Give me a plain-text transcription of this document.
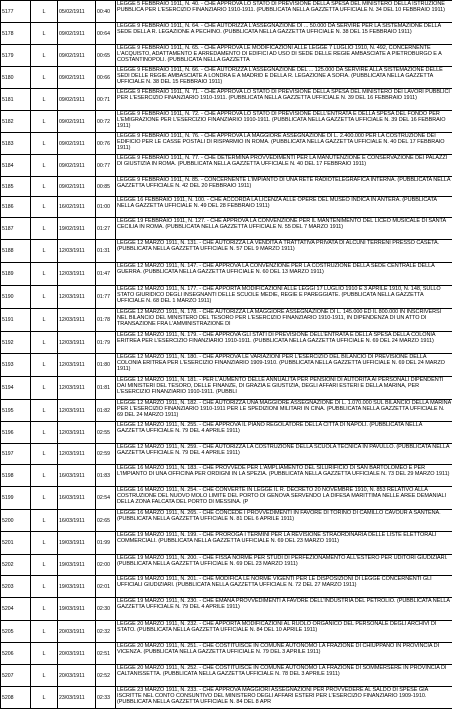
5177	L	05/02/1911	00:40	LEGGE 5 FEBBRAIO 1911, N. 40. - CHE APPROVA LO STATO DI PREVISIONE DELLA SPESA DEL MINISTERO DELLA ISTRUZIONE PUBBLICA PER L'ESERCIZIO FINANZIARIO 1910-1911. (PUBBLICATA NELLA GAZZETTA UFFICIALE N. 34 DEL 10 FEBBRAIO 1911)

5178	L	09/02/1911	00:64	LEGGE 9 FEBBRAIO 1911, N. 64. - CHE AUTORIZZA L'ASSEGNAZIONE DI ... 50.000 DA SERVIRE PER LA SISTEMAZIONE DELLA SEDE DELLA R. LEGAZIONE A PECHINO. (PUBBLICATA NELLA GAZZETTA UFFICIALE N. 38 DEL 15 FEBBRAIO 1911)

5179	L	09/02/1911	00:65	LEGGE 9 FEBBRAIO 1911, N. 65. - CHE APPROVA LE MODIFICAZIONI ALLE LEGGE 7 LUGLIO 1910, N. 492, CONCERNENTE L'ACQUISTO, ADATTAMENTO E ARREDAMENTO DI EDIFICI AD USO DI SEDE DELLE REGIE AMBASCIATE A PIETROBURGO E A COSTANTINOPOLI. (PUBBLICATA NELLA GAZZETTA

5180	L	09/02/1911	00:66	LEGGE 9 FEBBRAIO 1911, N. 66. - CHE AUTORIZZA L'ASSEGNAZIONE DEL ... 125.000 DA SERVIRE ALLA SISTEMAZIONE DELLE SEDI DELLE REGIE AMBASCIATE A LONDRA E A MADRID E DELLA R. LEGAZIONE A SOFIA. (PUBBLICATA NELLA GAZZETTA UFFICIALE N. 38 DEL 15 FEBBRAIO 1911)

5181	L	09/02/1911	00:71	LEGGE 9 FEBBRAIO 1911, N. 71. - CHE APPROVA LO STATO DI PREVISIONE DELLA SPESA DEL MINISTERO DEI LAVORI PUBBLICI PER L'ESERCIZIO FINANZIARIO 1910-1911. (PUBBLICATA NELLA GAZZETTA UFFICIALE N. 39 DEL 16 FEBBRAIO 1911)

5182	L	09/02/1911	00:72	LEGGE 9 FEBBRAIO 1911, N. 72. - CHE APPROVA LO STATO DI PREVISIONE DELL'ENTRATA E DELLA SPESA DEL FONDO PER L'EMIGRAZIONE PER L'ESERCIZIO FINANZIARIO 1910-1911. (PUBBLICATA NELLA GAZZETTA UFFICIALE N. 39 DEL 16 FEBBRAIO 1911)

5183	L	09/02/1911	00:76	LEGGE 9 FEBBRAIO 1911, N. 76. - CHE APPROVA LA MAGGIORE ASSEGNAZIONE DI L. 2.400.000 PER LA COSTRUZIONE DEI EDIFICIO PER LE CASSE POSTALI DI RISPARMIO IN ROMA. (PUBBLICATA NELLA GAZZETTA UFFICIALE N. 40 DEL 17 FEBBRAIO 1911)

5184	L	09/02/1911	00:77	LEGGE 9 FEBBRAIO 1911, N. 77. - CHE DETERMINA PROVVEDIMENTI PER LA MANUTENZIONE E CONSERVAZIONE DEI PALAZZI DI GIUSTIZIA IN ROMA. (PUBBLICATA NELLA GAZZETTA UFFICIALE N. 40 DEL 17 FEBBRAIO 1911)

5185	L	09/02/1911	00:85	LEGGE 9 FEBBRAIO 1911, N. 85. - CONCERNENTE L'IMPIANTO DI UNA RETE RADIOTELEGRAFICA INTERNA. (PUBBLICATA NELLA GAZZETTA UFFICIALE N. 42 DEL 20 FEBBRAIO 1911)

5186	L	16/02/1911	01:00	LEGGE 16 FEBBRAIO 1911, N. 100. - CHE ACCORDA LA LICENZA ALLE OPERE DEL MUSEO INDICA IN ANTERA. (PUBBLICATA NELLA GAZZETTA UFFICIALE N. 49 DEL 28 FEBBRAIO 1911)

5187	L	19/02/1911	01:27	LEGGE 19 FEBBRAIO 1911, N. 127. - CHE APPROVA LA CONVENZIONE PER IL MANTENIMENTO DEL LICEO MUSICALE DI SANTA CECILIA IN ROMA. (PUBBLICATA NELLA GAZZETTA UFFICIALE N. 55 DEL 7 MARZO 1911)

5188	L	12/03/1911	01:31	LEGGE 12 MARZO 1911, N. 131. - CHE AUTORIZZA LA VENDITA A TRATTATIVA PRIVATA DI ALCUNI TERRENI PRESSO CASETA. (PUBBLICATA NELLA GAZZETTA UFFICIALE N. 57 DEL 9 MARZO 1911)

5189	L	12/03/1911	01:47	LEGGE 12 MARZO 1911, N. 147. - CHE APPROVA LA CONVENZIONE PER LA COSTRUZIONE DELLA SEDE CENTRALE DELLA GUERRA. (PUBBLICATA NELLA GAZZETTA UFFICIALE N. 60 DEL 13 MARZO 1911)

5190	L	12/03/1911	01:77	LEGGE 12 MARZO 1911, N. 177. - CHE APPORTA MODIFICAZIONI ALLE LEGGI 17 LUGLIO 1910 E 3 APRILE 1910, N. 148, SULLO STATO GIURIDICO DEGLI INSEGNANTI DELLE SCUOLE MEDIE, REGIE E PAREGGIATE. (PUBBLICATA NELLA GAZZETTA UFFICIALE N. 68 DEL 1 MARZO 1911)

5191	L	12/03/1911	01:78	LEGGE 12 MARZO 1911, N. 178. - CHE AUTORIZZA LA MAGGIORE ASSEGNAZIONE DI L. 145.000 ED IL 800.000 IN INSCRIVERSI NEL BILANCIO DEL MINISTERO DEL TESORO PER L'ESERCIZIO FINANZIARIO 1910-1911, IN DIPENDENZA DI UN ATTO DI TRANSAZIONE FRA L'AMMINISTRAZIONE DI

5192	L	12/03/1911	01:79	LEGGE 12 MARZO 1911, N. 179. - CHE APPROVA GLI STATI DI PREVISIONE DELL'ENTRATA E DELLA SPESA DELLA COLONIA ERITREA PER L'ESERCIZIO FINANZIARIO 1910-1911. (PUBBLICATA NELLA GAZZETTA UFFICIALE N. 69 DEL 24 MARZO 1911)

5193	L	12/03/1911	01:80	LEGGE 12 MARZO 1911, N. 180. - CHE APPROVA LE VARIAZIONI PER L'ESERCIZIO DEL BILANCIO DI PREVISIONE DELLA COLONIA ERITREA PER L'ESERCIZIO FINANZIARIO 1909-1910. (PUBBLICATA NELLA GAZZETTA UFFICIALE N. 69 DEL 24 MARZO 1911)

5194	L	12/03/1911	01:81	LEGGE 12 MARZO 1911, N. 181. - PER L'AUMENTO DELLE ANNUALITA PER PENSIONI DI AUTORITA AI PERSONALI DIPENDENTI DAI MINISTERI DEL TESORO, DELLE FINANZE, DI GRAZIA E GIUSTIZIA, DEGLI AFFARI ESTERI E DELLA MARINA, PER L'ESERCIZIO FINANZIARIO 1910-1911. (PUBBLI

5195	L	12/03/1911	01:82	LEGGE 12 MARZO 1911, N. 182. - CHE AUTORIZZA UNA MAGGIORE ASSEGNAZIONE DI L. 1.070.000 SUL BILANCIO DELLA MARINA PER L'ESERCIZIO FINANZIARIO 1910-1911 PER LE SPEDIZIONI MILITARI IN CINA. (PUBBLICATA NELLA GAZZETTA UFFICIALE N. 69 DEL 24 MARZO 1911)

5196	L	12/03/1911	02:55	LEGGE 12 MARZO 1911, N. 255. - CHE APPROVA IL PIANO REGOLATORE DELLA CITTA DI NAPOLI. (PUBBLICATA NELLA GAZZETTA UFFICIALE N. 79 DEL 4 APRILE 1911)

5197	L	12/03/1911	02:59	LEGGE 12 MARZO 1911, N. 259. - CHE AUTORIZZA LA COSTRUZIONE DELLA SCUOLA TECNICA IN PAVULLO. (PUBBLICATA NELLA GAZZETTA UFFICIALE N. 79 DEL 4 APRILE 1911)

5198	L	16/03/1911	01:83	LEGGE 16 MARZO 1911, N. 183. - CHE PROVVEDE PER L'AMPLIAMENTO DEL SILURIFICIO DI SAN BARTOLOMEO E PER L'IMPIANTO DI UNA OFFICINA PER ORDIGNI IN LA SPEZIA. (PUBBLICATA NELLA GAZZETTA UFFICIALE N. 73 DEL 29 MARZO 1911)

5199	L	16/03/1911	02:54	LEGGE 16 MARZO 1911, N. 254. - CHE CONVERTE IN LEGGE IL R. DECRETO 20 NOVEMBRE 1910, N. 853 RELATIVO ALLA COSTRUZIONE DEL NUOVO MOLO LIMITE DEL PORTO DI GENOVA SERVENDO LA DIFESA MARITTIMA NELLE AREE DEMANIALI DELLA ZONA FALCATA DEL PORTO DI MESSINA. (P

5200	L	16/03/1911	02:65	LEGGE 16 MARZO 1911, N. 265. - CHE CONCEDE I PROVVEDIMENTI IN FAVORE DI TORINO DI CAMILLO CAVOUR A SANTENA. (PUBBLICATA NELLA GAZZETTA UFFICIALE N. 81 DEL 6 APRILE 1911)

5201	L	19/03/1911	01:99	LEGGE 19 MARZO 1911, N. 199. - CHE PROROGA I TERMINI PER LA REVISIONE STRAORDINARIA DELLE LISTE ELETTORALI COMMERCIALI. (PUBBLICATA NELLA GAZZETTA UFFICIALE N. 69 DEL 23 MARZO 1911)

5202	L	19/03/1911	02:00	LEGGE 19 MARZO 1911, N. 200. - CHE FISSA NORME PER STUDI DI PERFEZIONAMENTO ALL'ESTERO PER UDITORI GIUDIZIARI. (PUBBLICATA NELLA GAZZETTA UFFICIALE N. 69 DEL 23 MARZO 1911)

5203	L	19/03/1911	02:01	LEGGE 19 MARZO 1911, N. 201. - CHE MODIFICA LE NORME VIGENTI PER LE DISPOSIZIONI DI LEGGE CONCERNENTI GLI UFFICIALI GIUDIZIARI. (PUBBLICATA NELLA GAZZETTA UFFICIALE N. 72 DEL 27 MARZO 1911)

5204	L	19/03/1911	02:30	LEGGE 19 MARZO 1911, N. 230. - CHE EMANA PROVVEDIMENTI A FAVORE DELL'INDUSTRIA DEL PETROLIO. (PUBBLICATA NELLA GAZZETTA UFFICIALE N. 79 DEL 4 APRILE 1911)

5205	L	20/03/1911	02:32	LEGGE 20 MARZO 1911, N. 232. - CHE APPORTA MODIFICAZIONI AL RUOLO ORGANICO DEL PERSONALE DEGLI ARCHIVI DI STATO. (PUBBLICATA NELLA GAZZETTA UFFICIALE N. 84 DEL 10 APRILE 1911)

5206	L	20/03/1911	02:51	LEGGE 20 MARZO 1911, N. 251. - CHE COSTITUISCE IN COMUNE AUTONOMO LA FRAZIONE DI CHIUPPANO IN PROVINCIA DI VICENZA. (PUBBLICATA NELLA GAZZETTA UFFICIALE N. 79 DEL 3 APRILE 1911)

5207	L	20/03/1911	02:52	LEGGE 20 MARZO 1911, N. 252. - CHE COSTITUISCE IN COMUNE AUTONOMO LA FRAZIONE DI SOMMERSERE IN PROVINCIA DI CALTANISSETTA. (PUBBLICATA NELLA GAZZETTA UFFICIALE N. 78 DEL 3 APRILE 1911)

5208	L	23/03/1911	02:33	LEGGE 23 MARZO 1911, N. 233. - CHE APPROVA MAGGIORI ASSEGNAZIONI PER PROVVEDERE AL SALDO DI SPESE GIA ISCRITTE NEL CONTO CONSUNTIVO DEL MINISTERO DEGLI AFFARI ESTERI PER L'ESERCIZIO FINANZIARIO 1909-1910. (PUBBLICATA NELLA GAZZETTA UFFICIALE N. 84 DEL 8 APR
